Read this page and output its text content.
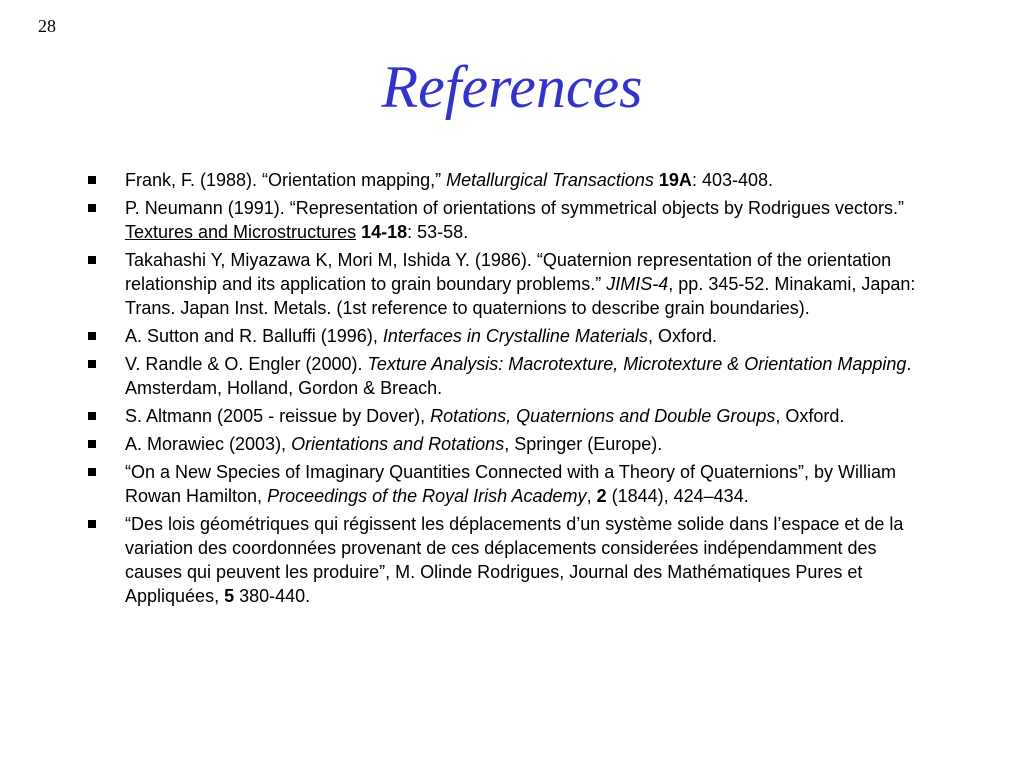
28
References
Frank, F. (1988). “Orientation mapping,” Metallurgical Transactions 19A: 403-408.
P. Neumann (1991). “Representation of orientations of symmetrical objects by Rodrigues vectors.” Textures and Microstructures 14-18: 53-58.
Takahashi Y, Miyazawa K, Mori M, Ishida Y. (1986). “Quaternion representation of the orientation relationship and its application to grain boundary problems.” JIMIS-4, pp. 345-52. Minakami, Japan: Trans. Japan Inst. Metals. (1st reference to quaternions to describe grain boundaries).
A. Sutton and R. Balluffi (1996), Interfaces in Crystalline Materials, Oxford.
V. Randle & O. Engler (2000). Texture Analysis: Macrotexture, Microtexture & Orientation Mapping. Amsterdam, Holland, Gordon & Breach.
S. Altmann (2005 - reissue by Dover), Rotations, Quaternions and Double Groups, Oxford.
A. Morawiec (2003), Orientations and Rotations, Springer (Europe).
“On a New Species of Imaginary Quantities Connected with a Theory of Quaternions”, by William Rowan Hamilton, Proceedings of the Royal Irish Academy, 2 (1844), 424–434.
“Des lois géométriques qui régissent les déplacements d’un système solide dans l’espace et de la variation des coordonnées provenant de ces déplacements considerées indépendamment des causes qui peuvent les produire”, M. Olinde Rodrigues, Journal des Mathématiques Pures et Appliquées, 5 380-440.
